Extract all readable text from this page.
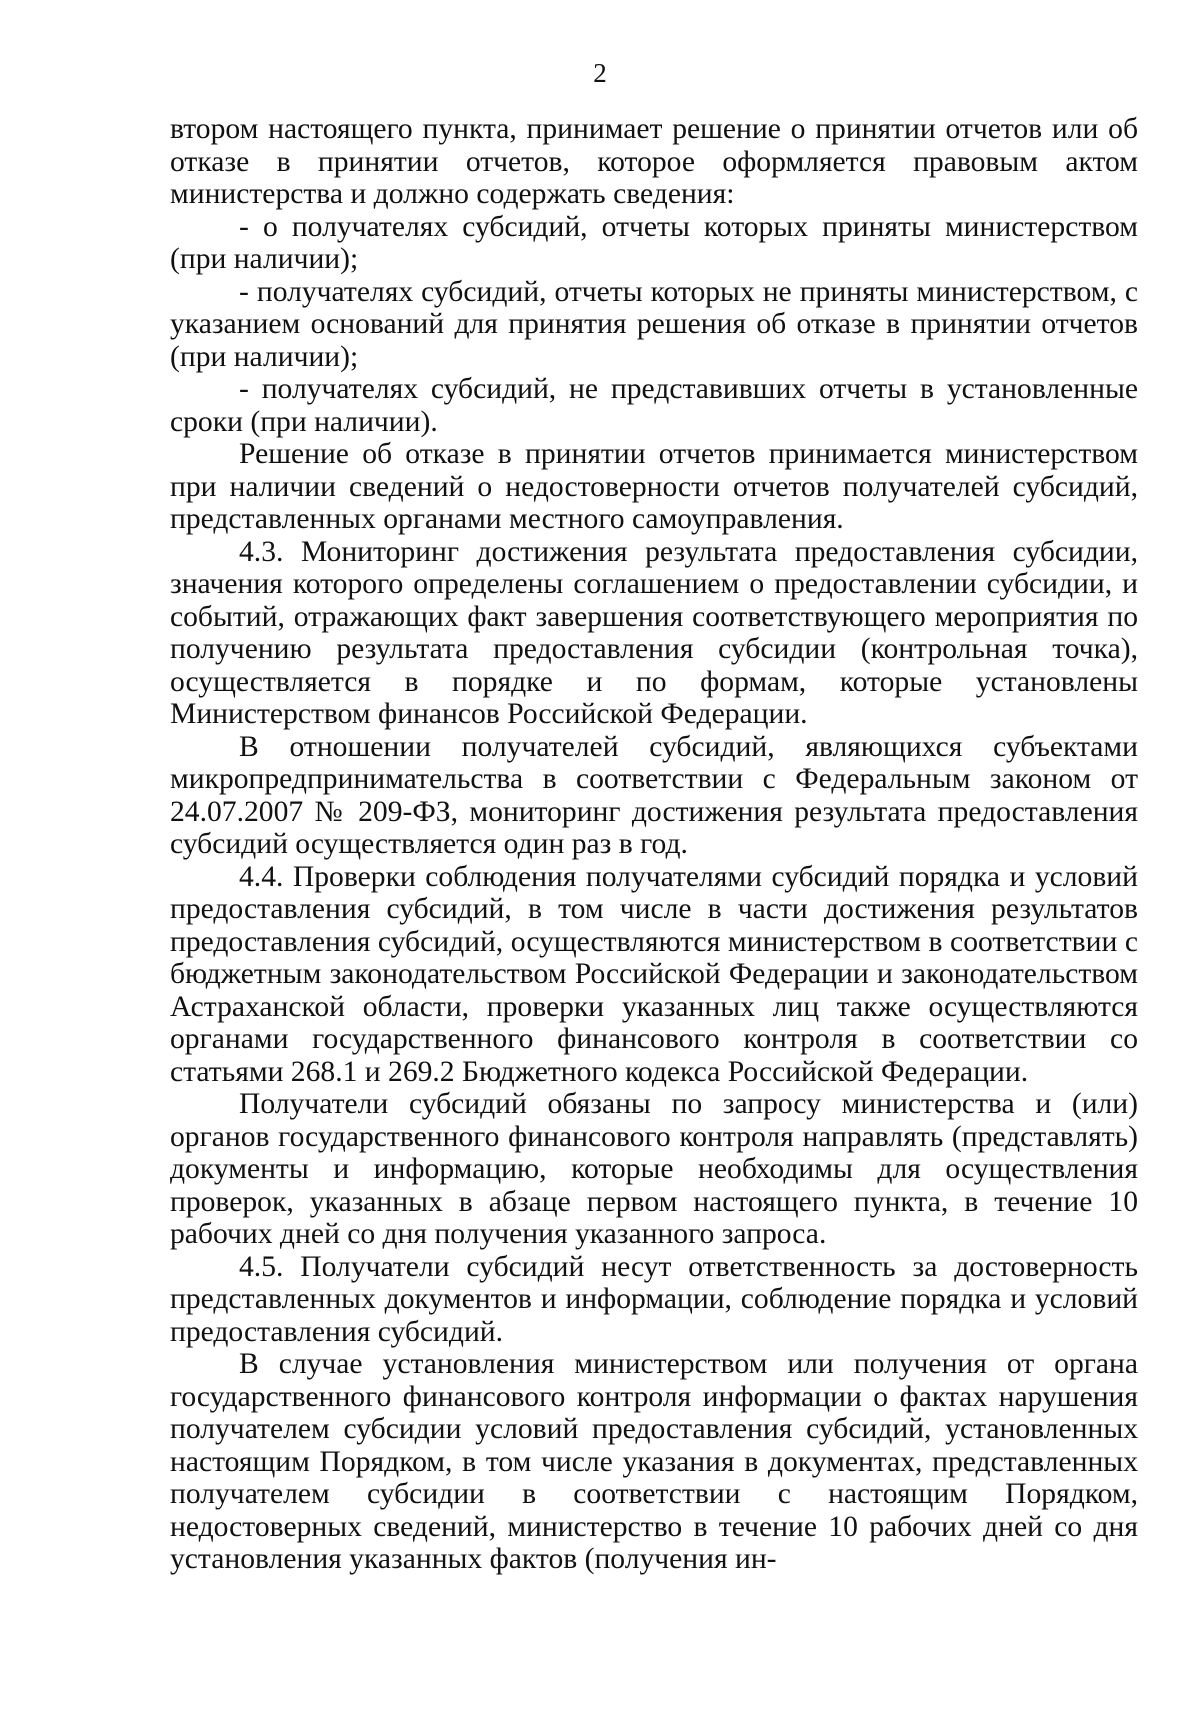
2

втором настоящего пункта, принимает решение о принятии отчетов или об отказе в принятии отчетов, которое оформляется правовым актом министерства и должно содержать сведения:

- о получателях субсидий, отчеты которых приняты министерством (при наличии);

- получателях субсидий, отчеты которых не приняты министерством, с указанием оснований для принятия решения об отказе в принятии отчетов (при наличии);

- получателях субсидий, не представивших отчеты в установленные сроки (при наличии).

Решение об отказе в принятии отчетов принимается министерством при наличии сведений о недостоверности отчетов получателей субсидий, представленных органами местного самоуправления.

4.3. Мониторинг достижения результата предоставления субсидии, значения которого определены соглашением о предоставлении субсидии, и событий, отражающих факт завершения соответствующего мероприятия по получению результата предоставления субсидии (контрольная точка), осуществляется в порядке и по формам, которые установлены Министерством финансов Российской Федерации.

В отношении получателей субсидий, являющихся субъектами микропредпринимательства в соответствии с Федеральным законом от 24.07.2007 № 209-ФЗ, мониторинг достижения результата предоставления субсидий осуществляется один раз в год.

4.4. Проверки соблюдения получателями субсидий порядка и условий предоставления субсидий, в том числе в части достижения результатов предоставления субсидий, осуществляются министерством в соответствии с бюджетным законодательством Российской Федерации и законодательством Астраханской области, проверки указанных лиц также осуществляются органами государственного финансового контроля в соответствии со статьями 268.1 и 269.2 Бюджетного кодекса Российской Федерации.

Получатели субсидий обязаны по запросу министерства и (или) органов государственного финансового контроля направлять (представлять) документы и информацию, которые необходимы для осуществления проверок, указанных в абзаце первом настоящего пункта, в течение 10 рабочих дней со дня получения указанного запроса.

4.5. Получатели субсидий несут ответственность за достоверность представленных документов и информации, соблюдение порядка и условий предоставления субсидий.

В случае установления министерством или получения от органа государственного финансового контроля информации о фактах нарушения получателем субсидии условий предоставления субсидий, установленных настоящим Порядком, в том числе указания в документах, представленных получателем субсидии в соответствии с настоящим Порядком, недостоверных сведений, министерство в течение 10 рабочих дней со дня установления указанных фактов (получения ин-
